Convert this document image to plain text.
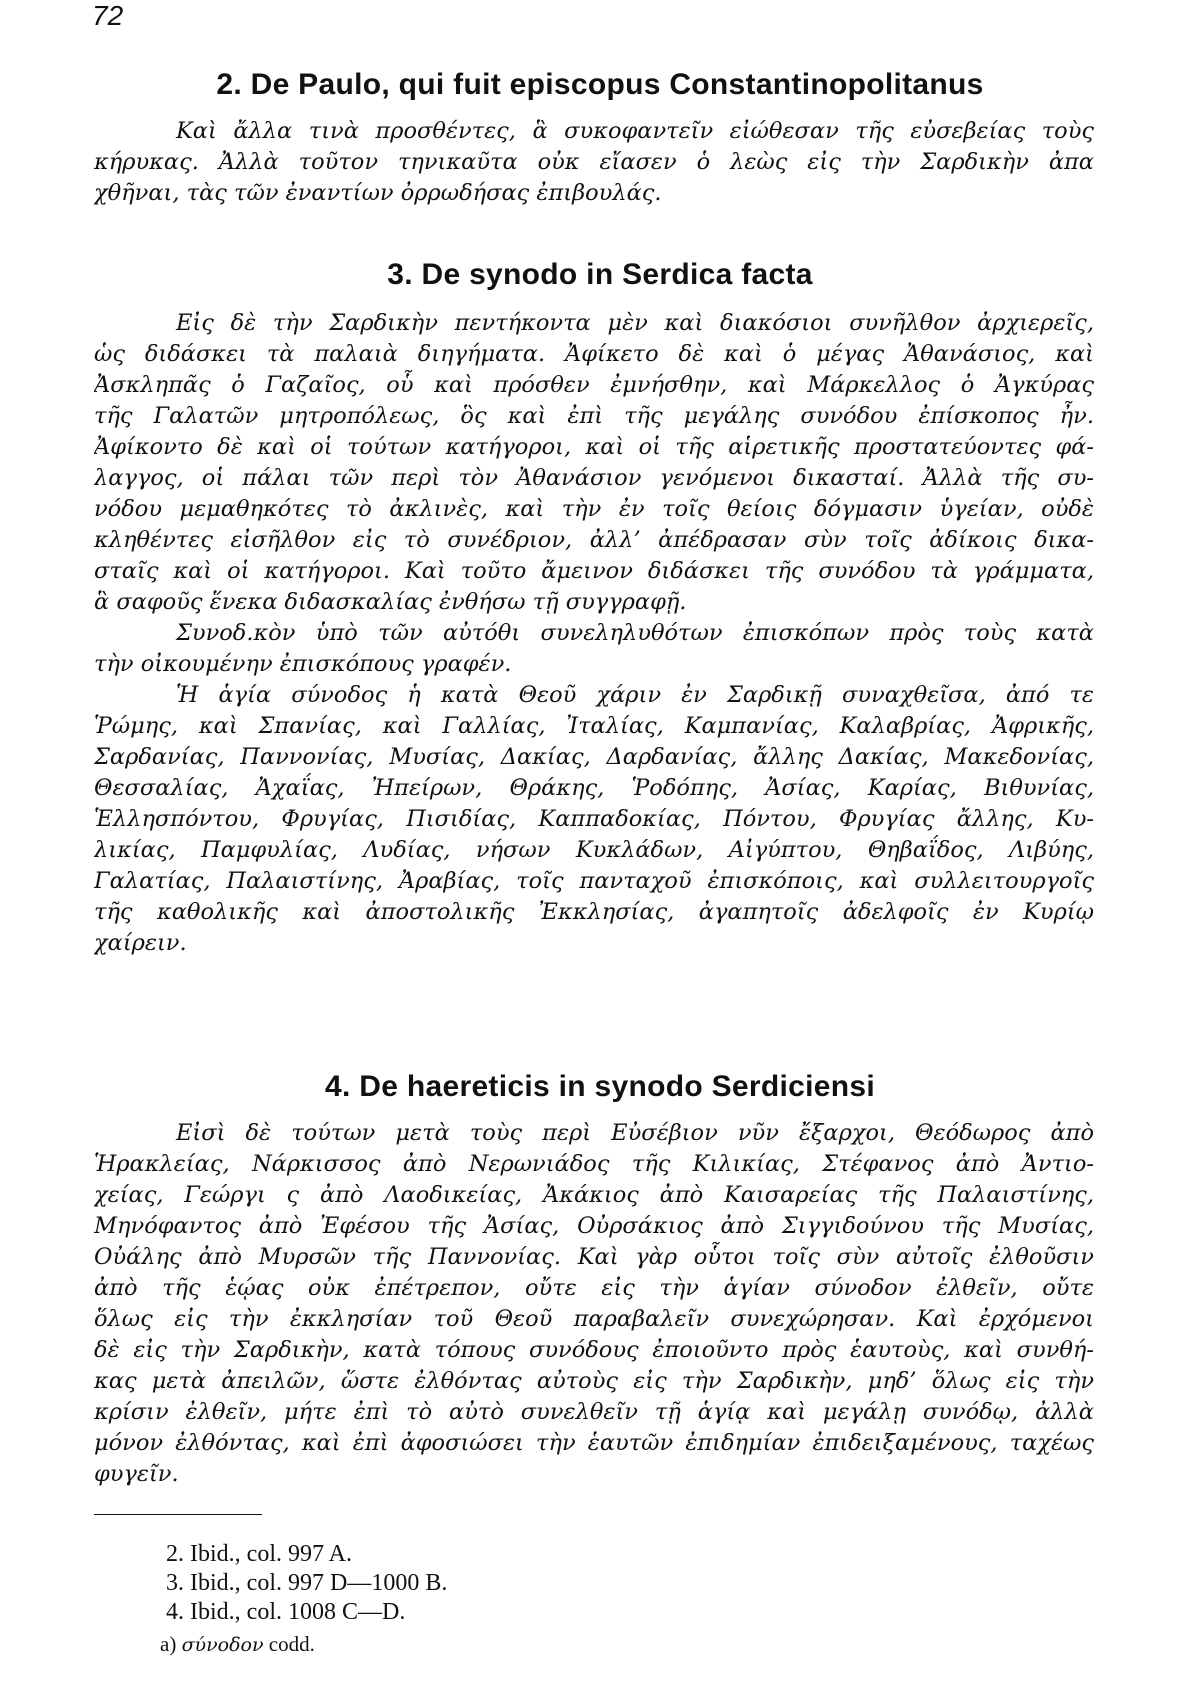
72
2. De Paulo, qui fuit episcopus Constantinopolitanus
Καὶ ἄλλα τινὰ προσθέντες, ἃ συκοφαντεῖν εἰώθεσαν τῆς εὐσεβείας τοὺς
κήρυκας. Ἀλλὰ τοῦτον τηνικαῦτα οὐκ εἴασεν ὁ λεὼς εἰς τὴν Σαρδικὴν ἀπα
χθῆναι, τὰς τῶν ἐναντίων ὀρρωδήσας ἐπιβουλάς.
3. De synodo in Serdica facta
Εἰς δὲ τὴν Σαρδικὴν πεντήκοντα μὲν καὶ διακόσιοι συνῆλθον ἀρχιερεῖς,
ὡς διδάσκει τὰ παλαιὰ διηγήματα. Ἀφίκετο δὲ καὶ ὁ μέγας Ἀθανάσιος, καὶ
Ἀσκληπᾶς ὁ Γαζαῖος, οὗ καὶ πρόσθεν ἐμνήσθην, καὶ Μάρκελλος ὁ Ἀγκύρας
τῆς Γαλατῶν μητροπόλεως, ὃς καὶ ἐπὶ τῆς μεγάλης συνόδου ἐπίσκοπος ἦν.
Ἀφίκοντο δὲ καὶ οἱ τούτων κατήγοροι, καὶ οἱ τῆς αἱρετικῆς προστατεύοντες φά-
λαγγος, οἱ πάλαι τῶν περὶ τὸν Ἀθανάσιον γενόμενοι δικασταί. Ἀλλὰ τῆς συ-
νόδου μεμαθηκότες τὸ ἀκλινὲς, καὶ τὴν ἐν τοῖς θείοις δόγμασιν ὑγείαν, οὐδὲ
κληθέντες εἰσῆλθον εἰς τὸ συνέδριον, ἀλλ’ ἀπέδρασαν σὺν τοῖς ἀδίκοις δικα-
σταῖς καὶ οἱ κατήγοροι. Καὶ τοῦτο ἄμεινον διδάσκει τῆς συνόδου τὰ γράμματα,
ἃ σαφοῦς ἕνεκα διδασκαλίας ἐνθήσω τῇ συγγραφῇ.
Συνοδ.κὸν ὑπὸ τῶν αὐτόθι συνεληλυθότων ἐπισκόπων πρὸς τοὺς κατὰ
τὴν οἰκουμένην ἐπισκόπους γραφέν.
Ἡ ἁγία σύνοδος ἡ κατὰ Θεοῦ χάριν ἐν Σαρδικῇ συναχθεῖσα, ἀπό τε
Ῥώμης, καὶ Σπανίας, καὶ Γαλλίας, Ἰταλίας, Καμπανίας, Καλαβρίας, Ἀφρικῆς,
Σαρδανίας, Παννονίας, Μυσίας, Δακίας, Δαρδανίας, ἄλλης Δακίας, Μακεδονίας,
Θεσσαλίας, Ἀχαΐας, Ἠπείρων, Θράκης, Ῥοδόπης, Ἀσίας, Καρίας, Βιθυνίας,
Ἑλλησπόντου, Φρυγίας, Πισιδίας, Καππαδοκίας, Πόντου, Φρυγίας ἄλλης, Κυ-
λικίας, Παμφυλίας, Λυδίας, νήσων Κυκλάδων, Αἰγύπτου, Θηβαΐδος, Λιβύης,
Γαλατίας, Παλαιστίνης, Ἀραβίας, τοῖς πανταχοῦ ἐπισκόποις, καὶ συλλειτουργοῖς
τῆς καθολικῆς καὶ ἀποστολικῆς Ἐκκλησίας, ἀγαπητοῖς ἀδελφοῖς ἐν Κυρίῳ
χαίρειν.
4. De haereticis in synodo Serdiciensi
Εἰσὶ δὲ τούτων μετὰ τοὺς περὶ Εὐσέβιον νῦν ἔξαρχοι, Θεόδωρος ἀπὸ
Ἡρακλείας, Νάρκισσος ἀπὸ Νερωνιάδος τῆς Κιλικίας, Στέφανος ἀπὸ Ἀντιο-
χείας, Γεώργι ς ἀπὸ Λαοδικείας, Ἀκάκιος ἀπὸ Καισαρείας τῆς Παλαιστίνης,
Μηνόφαντος ἀπὸ Ἐφέσου τῆς Ἀσίας, Οὐρσάκιος ἀπὸ Σιγγιδούνου τῆς Μυσίας,
Οὐάλης ἀπὸ Μυρσῶν τῆς Παννονίας. Καὶ γὰρ οὗτοι τοῖς σὺν αὐτοῖς ἐλθοῦσιν
ἀπὸ τῆς ἑῴας οὐκ ἐπέτρεπον, οὔτε εἰς τὴν ἁγίαν σύνοδον ἐλθεῖν, οὔτε
ὅλως εἰς τὴν ἐκκλησίαν τοῦ Θεοῦ παραβαλεῖν συνεχώρησαν. Καὶ ἐρχόμενοι
δὲ εἰς τὴν Σαρδικὴν, κατὰ τόπους συνόδους ἐποιοῦντο πρὸς ἑαυτοὺς, καὶ συνθή-
κας μετὰ ἀπειλῶν, ὥστε ἐλθόντας αὐτοὺς εἰς τὴν Σαρδικὴν, μηδ’ ὅλως εἰς τὴν
κρίσιν ἐλθεῖν, μήτε ἐπὶ τὸ αὐτὸ συνελθεῖν τῇ ἁγίᾳ καὶ μεγάλῃ συνόδῳ, ἀλλὰ
μόνον ἐλθόντας, καὶ ἐπὶ ἀφοσιώσει τὴν ἑαυτῶν ἐπιδημίαν ἐπιδειξαμένους, ταχέως
φυγεῖν.
2. Ibid., col. 997 A.
3. Ibid., col. 997 D—1000 B.
4. Ibid., col. 1008 C—D.
a) σύνοδον codd.
